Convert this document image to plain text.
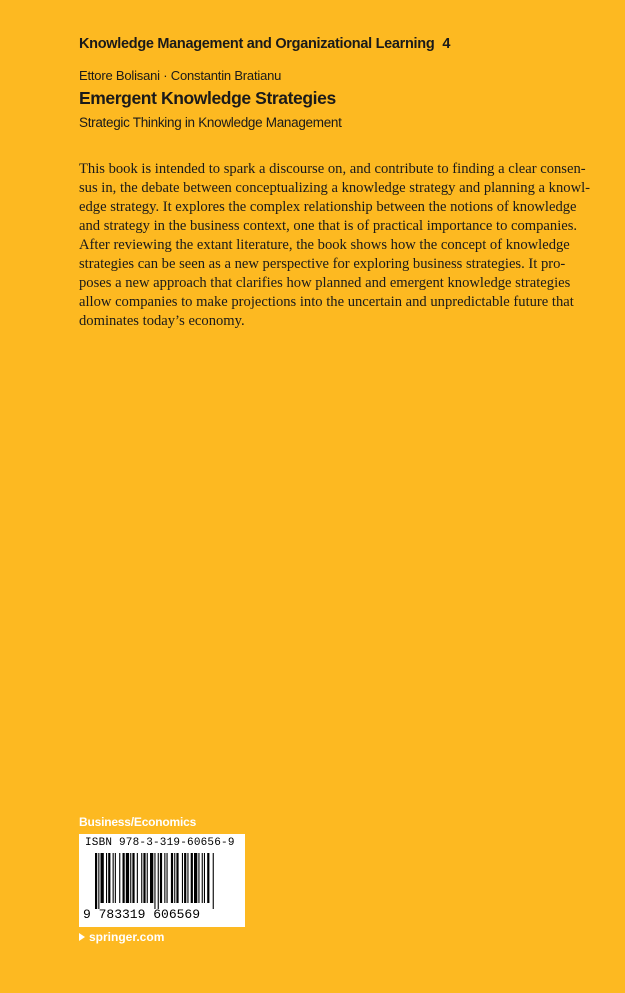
Knowledge Management and Organizational Learning 4
Ettore Bolisani · Constantin Bratianu
Emergent Knowledge Strategies
Strategic Thinking in Knowledge Management
This book is intended to spark a discourse on, and contribute to finding a clear consen-
sus in, the debate between conceptualizing a knowledge strategy and planning a knowl-
edge strategy. It explores the complex relationship between the notions of knowledge
and strategy in the business context, one that is of practical importance to companies.
After reviewing the extant literature, the book shows how the concept of knowledge
strategies can be seen as a new perspective for exploring business strategies. It pro-
poses a new approach that clarifies how planned and emergent knowledge strategies
allow companies to make projections into the uncertain and unpredictable future that
dominates today’s economy.
Business/Economics
ISBN 978-3-319-60656-9
9 783319 606569
springer.com
